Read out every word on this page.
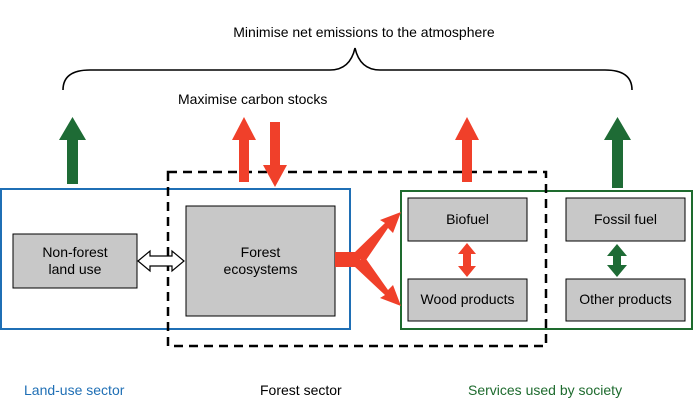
Minimise net emissions to the atmosphere
Maximise carbon stocks
Non-forest
land use
Forest
ecosystems
Biofuel
Wood products
Fossil fuel
Other products
Land-use sector	Forest sector	Services used by society
